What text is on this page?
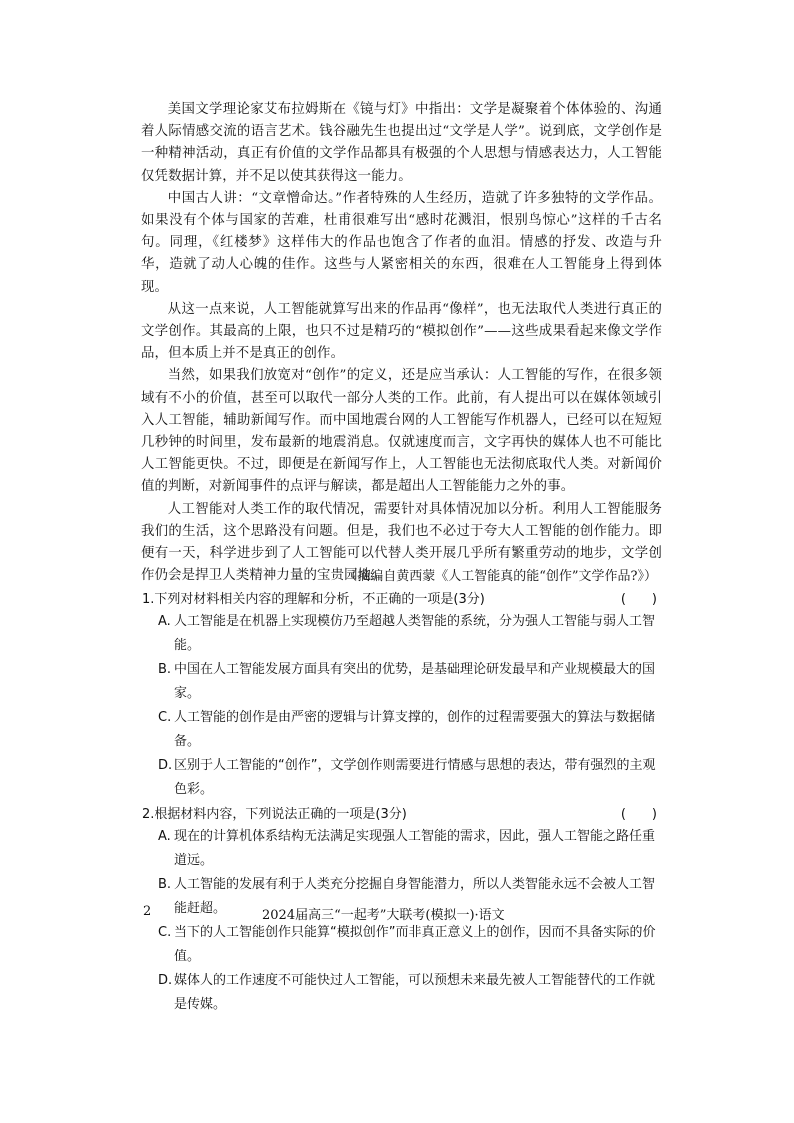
美国文学理论家艾布拉姆斯在《镜与灯》中指出：文学是凝聚着个体体验的、沟通着人际情感交流的语言艺术。钱谷融先生也提出过“文学是人学”。说到底，文学创作是一种精神活动，真正有价值的文学作品都具有极强的个人思想与情感表达力，人工智能仅凭数据计算，并不足以使其获得这一能力。

中国古人讲：“文章憎命达。”作者特殊的人生经历，造就了许多独特的文学作品。如果没有个体与国家的苦难，杜甫很难写出“感时花溅泪，恨别鸟惊心”这样的千古名句。同理，《红楼梦》这样伟大的作品也饱含了作者的血泪。情感的抒发、改造与升华，造就了动人心魄的佳作。这些与人紧密相关的东西，很难在人工智能身上得到体现。

从这一点来说，人工智能就算写出来的作品再“像样”，也无法取代人类进行真正的文学创作。其最高的上限，也只不过是精巧的“模拟创作”——这些成果看起来像文学作品，但本质上并不是真正的创作。

当然，如果我们放宽对“创作”的定义，还是应当承认：人工智能的写作，在很多领域有不小的价值，甚至可以取代一部分人类的工作。此前，有人提出可以在媒体领域引入人工智能，辅助新闻写作。而中国地震台网的人工智能写作机器人，已经可以在短短几秒钟的时间里，发布最新的地震消息。仅就速度而言，文字再快的媒体人也不可能比人工智能更快。不过，即便是在新闻写作上，人工智能也无法彻底取代人类。对新闻价值的判断，对新闻事件的点评与解读，都是超出人工智能能力之外的事。

人工智能对人类工作的取代情况，需要针对具体情况加以分析。利用人工智能服务我们的生活，这个思路没有问题。但是，我们也不必过于夸大人工智能的创作能力。即便有一天，科学进步到了人工智能可以代替人类开展几乎所有繁重劳动的地步，文学创作仍会是捍卫人类精神力量的宝贵园地。

（摘编自黄西蒙《人工智能真的能“创作”文学作品?》）

1.下列对材料相关内容的理解和分析，不正确的一项是(3分)	(　　)

A. 人工智能是在机器上实现模仿乃至超越人类智能的系统，分为强人工智能与弱人工智能。

B. 中国在人工智能发展方面具有突出的优势，是基础理论研发最早和产业规模最大的国家。

C. 人工智能的创作是由严密的逻辑与计算支撑的，创作的过程需要强大的算法与数据储备。

D. 区别于人工智能的“创作”，文学创作则需要进行情感与思想的表达，带有强烈的主观色彩。

2.根据材料内容，下列说法正确的一项是(3分)	(　　)

A. 现在的计算机体系结构无法满足实现强人工智能的需求，因此，强人工智能之路任重道远。

B. 人工智能的发展有利于人类充分挖掘自身智能潜力，所以人类智能永远不会被人工智能赶超。

C. 当下的人工智能创作只能算“模拟创作”而非真正意义上的创作，因而不具备实际的价值。

D. 媒体人的工作速度不可能快过人工智能，可以预想未来最先被人工智能替代的工作就是传媒。

2	2024届高三“一起考”大联考(模拟一)·语文
